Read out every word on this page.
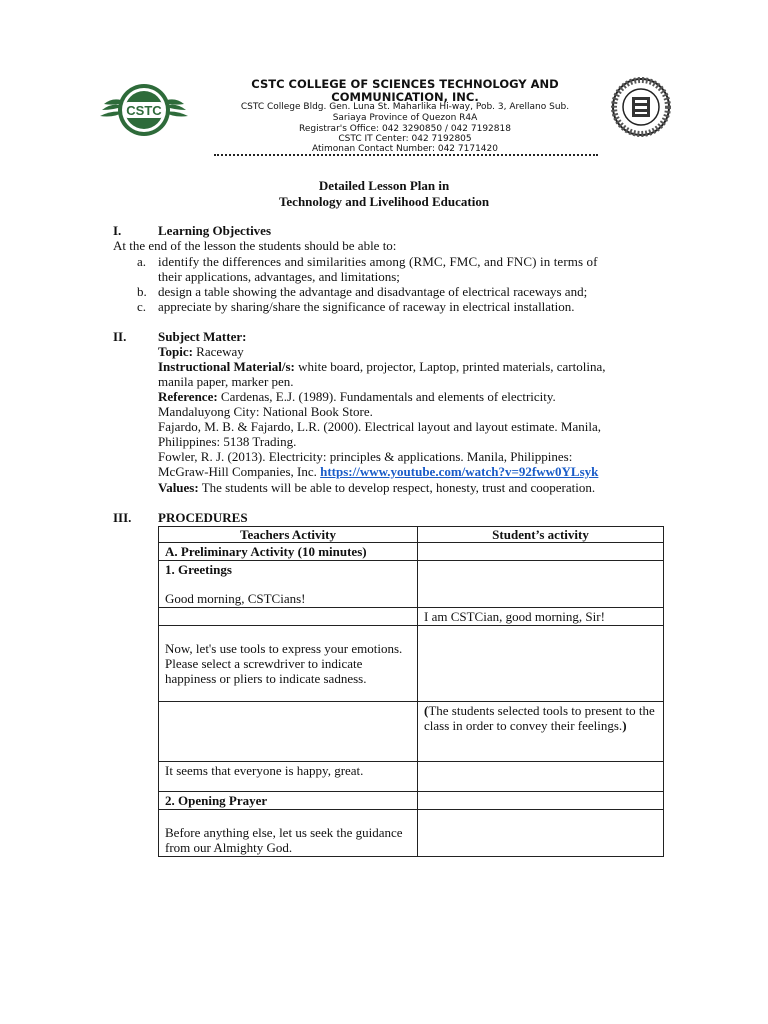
CSTC
CSTC COLLEGE OF SCIENCES TECHNOLOGY AND COMMUNICATION, INC.
CSTC College Bldg. Gen. Luna St. Maharlika Hi-way, Pob. 3, Arellano Sub.
Sariaya Province of Quezon R4A
Registrar's Office: 042 3290850 / 042 7192818
CSTC IT Center: 042 7192805
Atimonan Contact Number: 042 7171420
Detailed Lesson Plan in
Technology and Livelihood Education
I.	Learning Objectives
At the end of the lesson the students should be able to:
a. identify the differences and similarities among (RMC, FMC, and FNC) in terms of
their applications, advantages, and limitations;
b. design a table showing the advantage and disadvantage of electrical raceways and;
c. appreciate by sharing/share the significance of raceway in electrical installation.
II. Subject Matter:
Topic: Raceway
Instructional Material/s: white board, projector, Laptop, printed materials, cartolina,
manila paper, marker pen.
Reference: Cardenas, E.J. (1989). Fundamentals and elements of electricity.
Mandaluyong City: National Book Store.
Fajardo, M. B. & Fajardo, L.R. (2000). Electrical layout and layout estimate. Manila,
Philippines: 5138 Trading.
Fowler, R. J. (2013). Electricity: principles & applications. Manila, Philippines:
McGraw-Hill Companies, Inc. https://www.youtube.com/watch?v=92fww0YLsyk
Values: The students will be able to develop respect, honesty, trust and cooperation.
III. PROCEDURES
Teachers Activity	Student’s activity
A. Preliminary Activity (10 minutes)	

1. Greetings
Good morning, CSTCians!	

	I am CSTCian, good morning, Sir!

Now, let's use tools to express your emotions. Please select a screwdriver to indicate happiness or pliers to indicate sadness.	

	(The students selected tools to present to the class in order to convey their feelings.)

It seems that everyone is happy, great.	

2. Opening Prayer	

Before anything else, let us seek the guidance from our Almighty God.	
